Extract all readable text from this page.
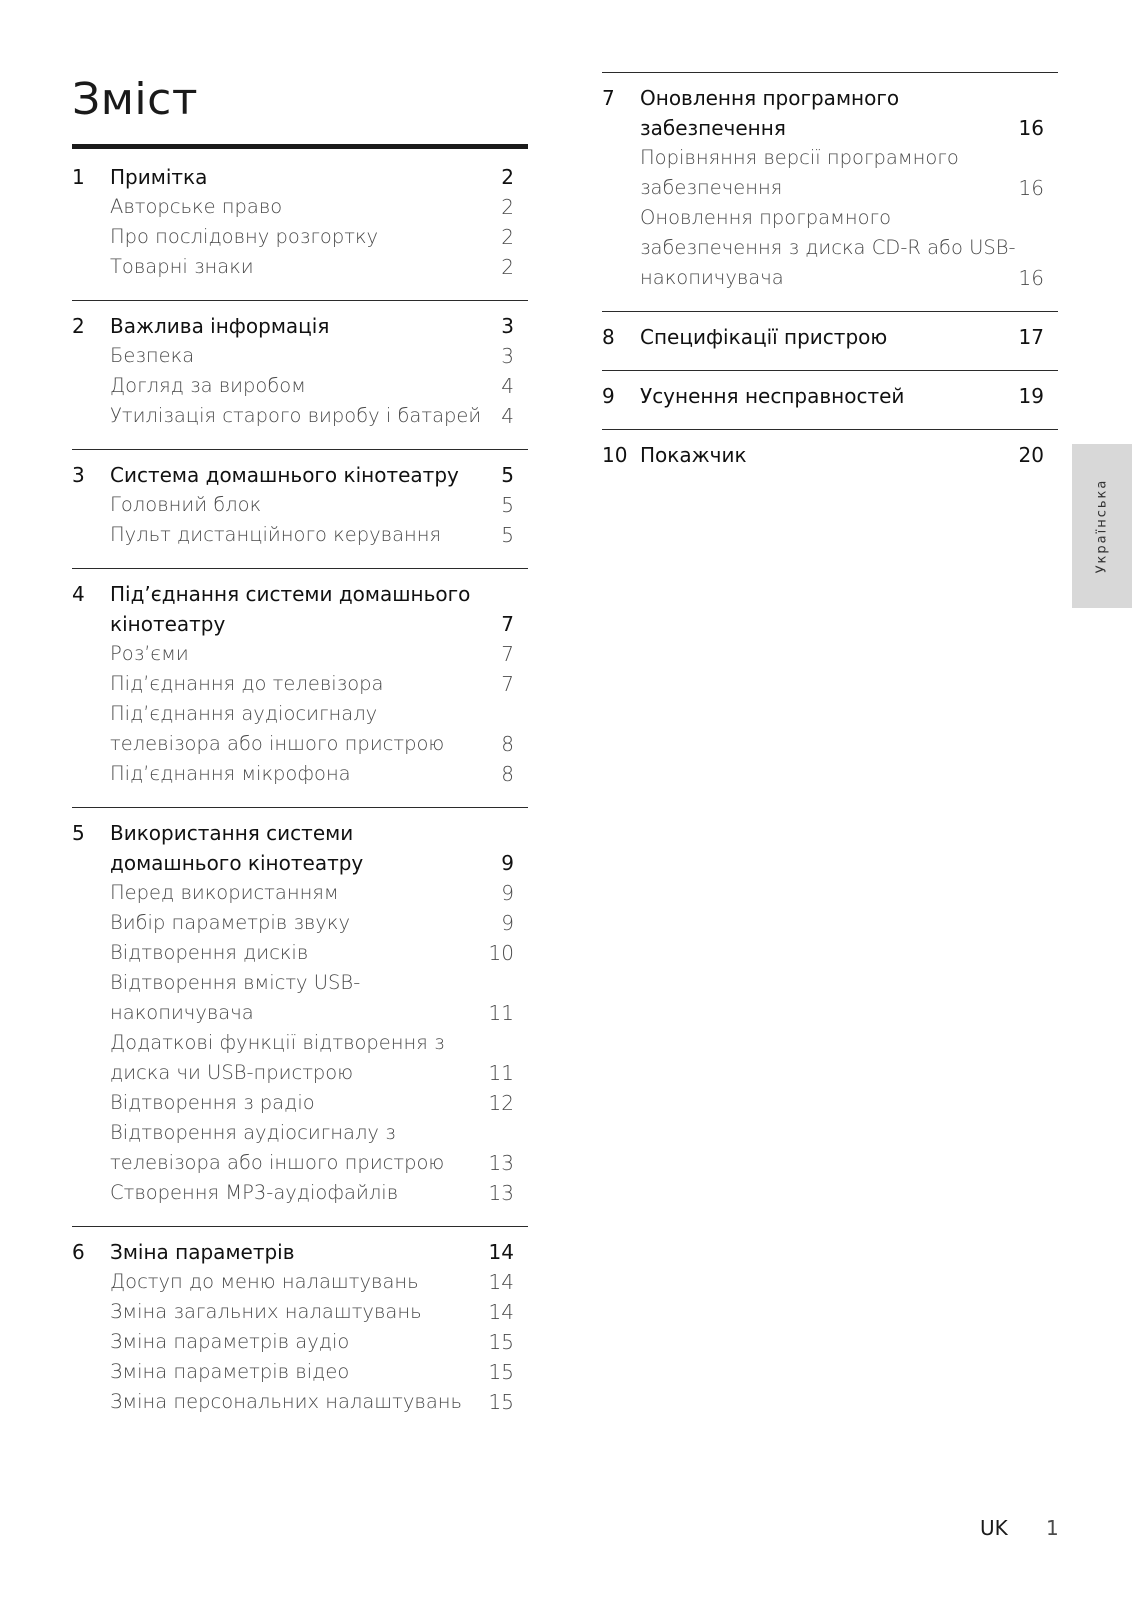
Зміст
1	Примітка	2
Авторське право	2
Про послідовну розгортку	2
Товарні знаки	2
2	Важлива інформація	3
Безпека	3
Догляд за виробом	4
Утилізація старого виробу і батарей 4
3	Система домашнього кінотеатру	5
Головний блок	5
Пульт дистанційного керування	5
4	Під’єднання системи домашнього кінотеатру	7
Роз’єми	7
Під’єднання до телевізора	7
Під’єднання аудіосигналу телевізора або іншого пристрою	8
Під’єднання мікрофона	8
5	Використання системи домашнього кінотеатру	9
Перед використанням	9
Вибір параметрів звуку	9
Відтворення дисків	10
Відтворення вмісту USB-накопичувача	11
Додаткові функції відтворення з диска чи USB-пристрою	11
Відтворення з радіо	12
Відтворення аудіосигналу з телевізора або іншого пристрою	13
Створення MP3-аудіофайлів	13
6	Зміна параметрів	14
Доступ до меню налаштувань	14
Зміна загальних налаштувань	14
Зміна параметрів аудіо	15
Зміна параметрів відео	15
Зміна персональних налаштувань	15
7	Оновлення програмного забезпечення	16
Порівняння версії програмного забезпечення	16
Оновлення програмного забезпечення з диска CD-R або USB-накопичувача	16
8	Специфікації пристрою	17
9	Усунення несправностей	19
10 Покажчик	20
Українська
UK 1
